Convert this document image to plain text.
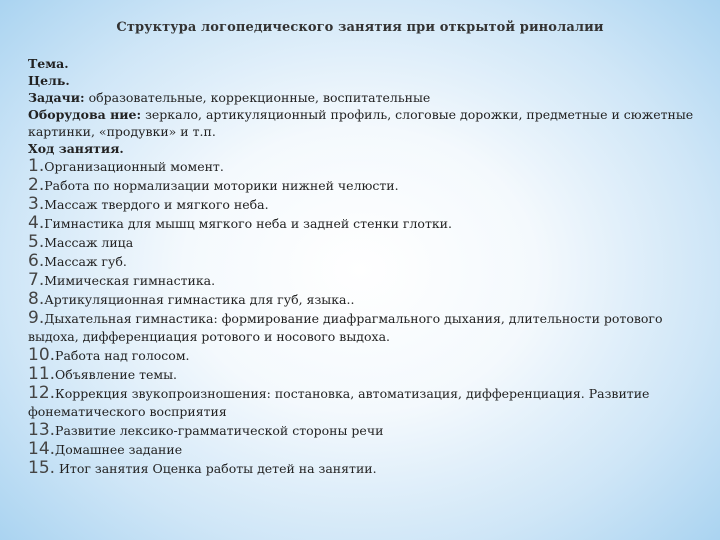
Структура логопедического занятия при открытой ринолалии

Тема.

Цель.

Задачи: образовательные, коррекционные, воспитательные

Оборудова ние: зеркало, артикуляционный профиль, слоговые дорожки, предметные и сюжетные картинки, «продувки» и т.п.

Ход занятия.

1.Организационный момент.

2.Работа по нормализации моторики нижней челюсти.

3.Массаж твердого и мягкого неба.

4.Гимнастика для мышц мягкого неба и задней стенки глотки.

5.Массаж лица

6.Массаж губ.

7.Мимическая гимнастика.

8.Артикуляционная гимнастика для губ, языка..

9.Дыхательная гимнастика: формирование диафрагмального дыхания, длительности ротового выдоха, дифференциация ротового и носового выдоха.

10.Работа над голосом.

11.Объявление темы.

12.Коррекция звукопроизношения: постановка, автоматизация, дифференциация. Развитие фонематического восприятия

13.Развитие лексико-грамматической стороны речи

14.Домашнее задание

15. Итог занятия Оценка работы детей на занятии.
